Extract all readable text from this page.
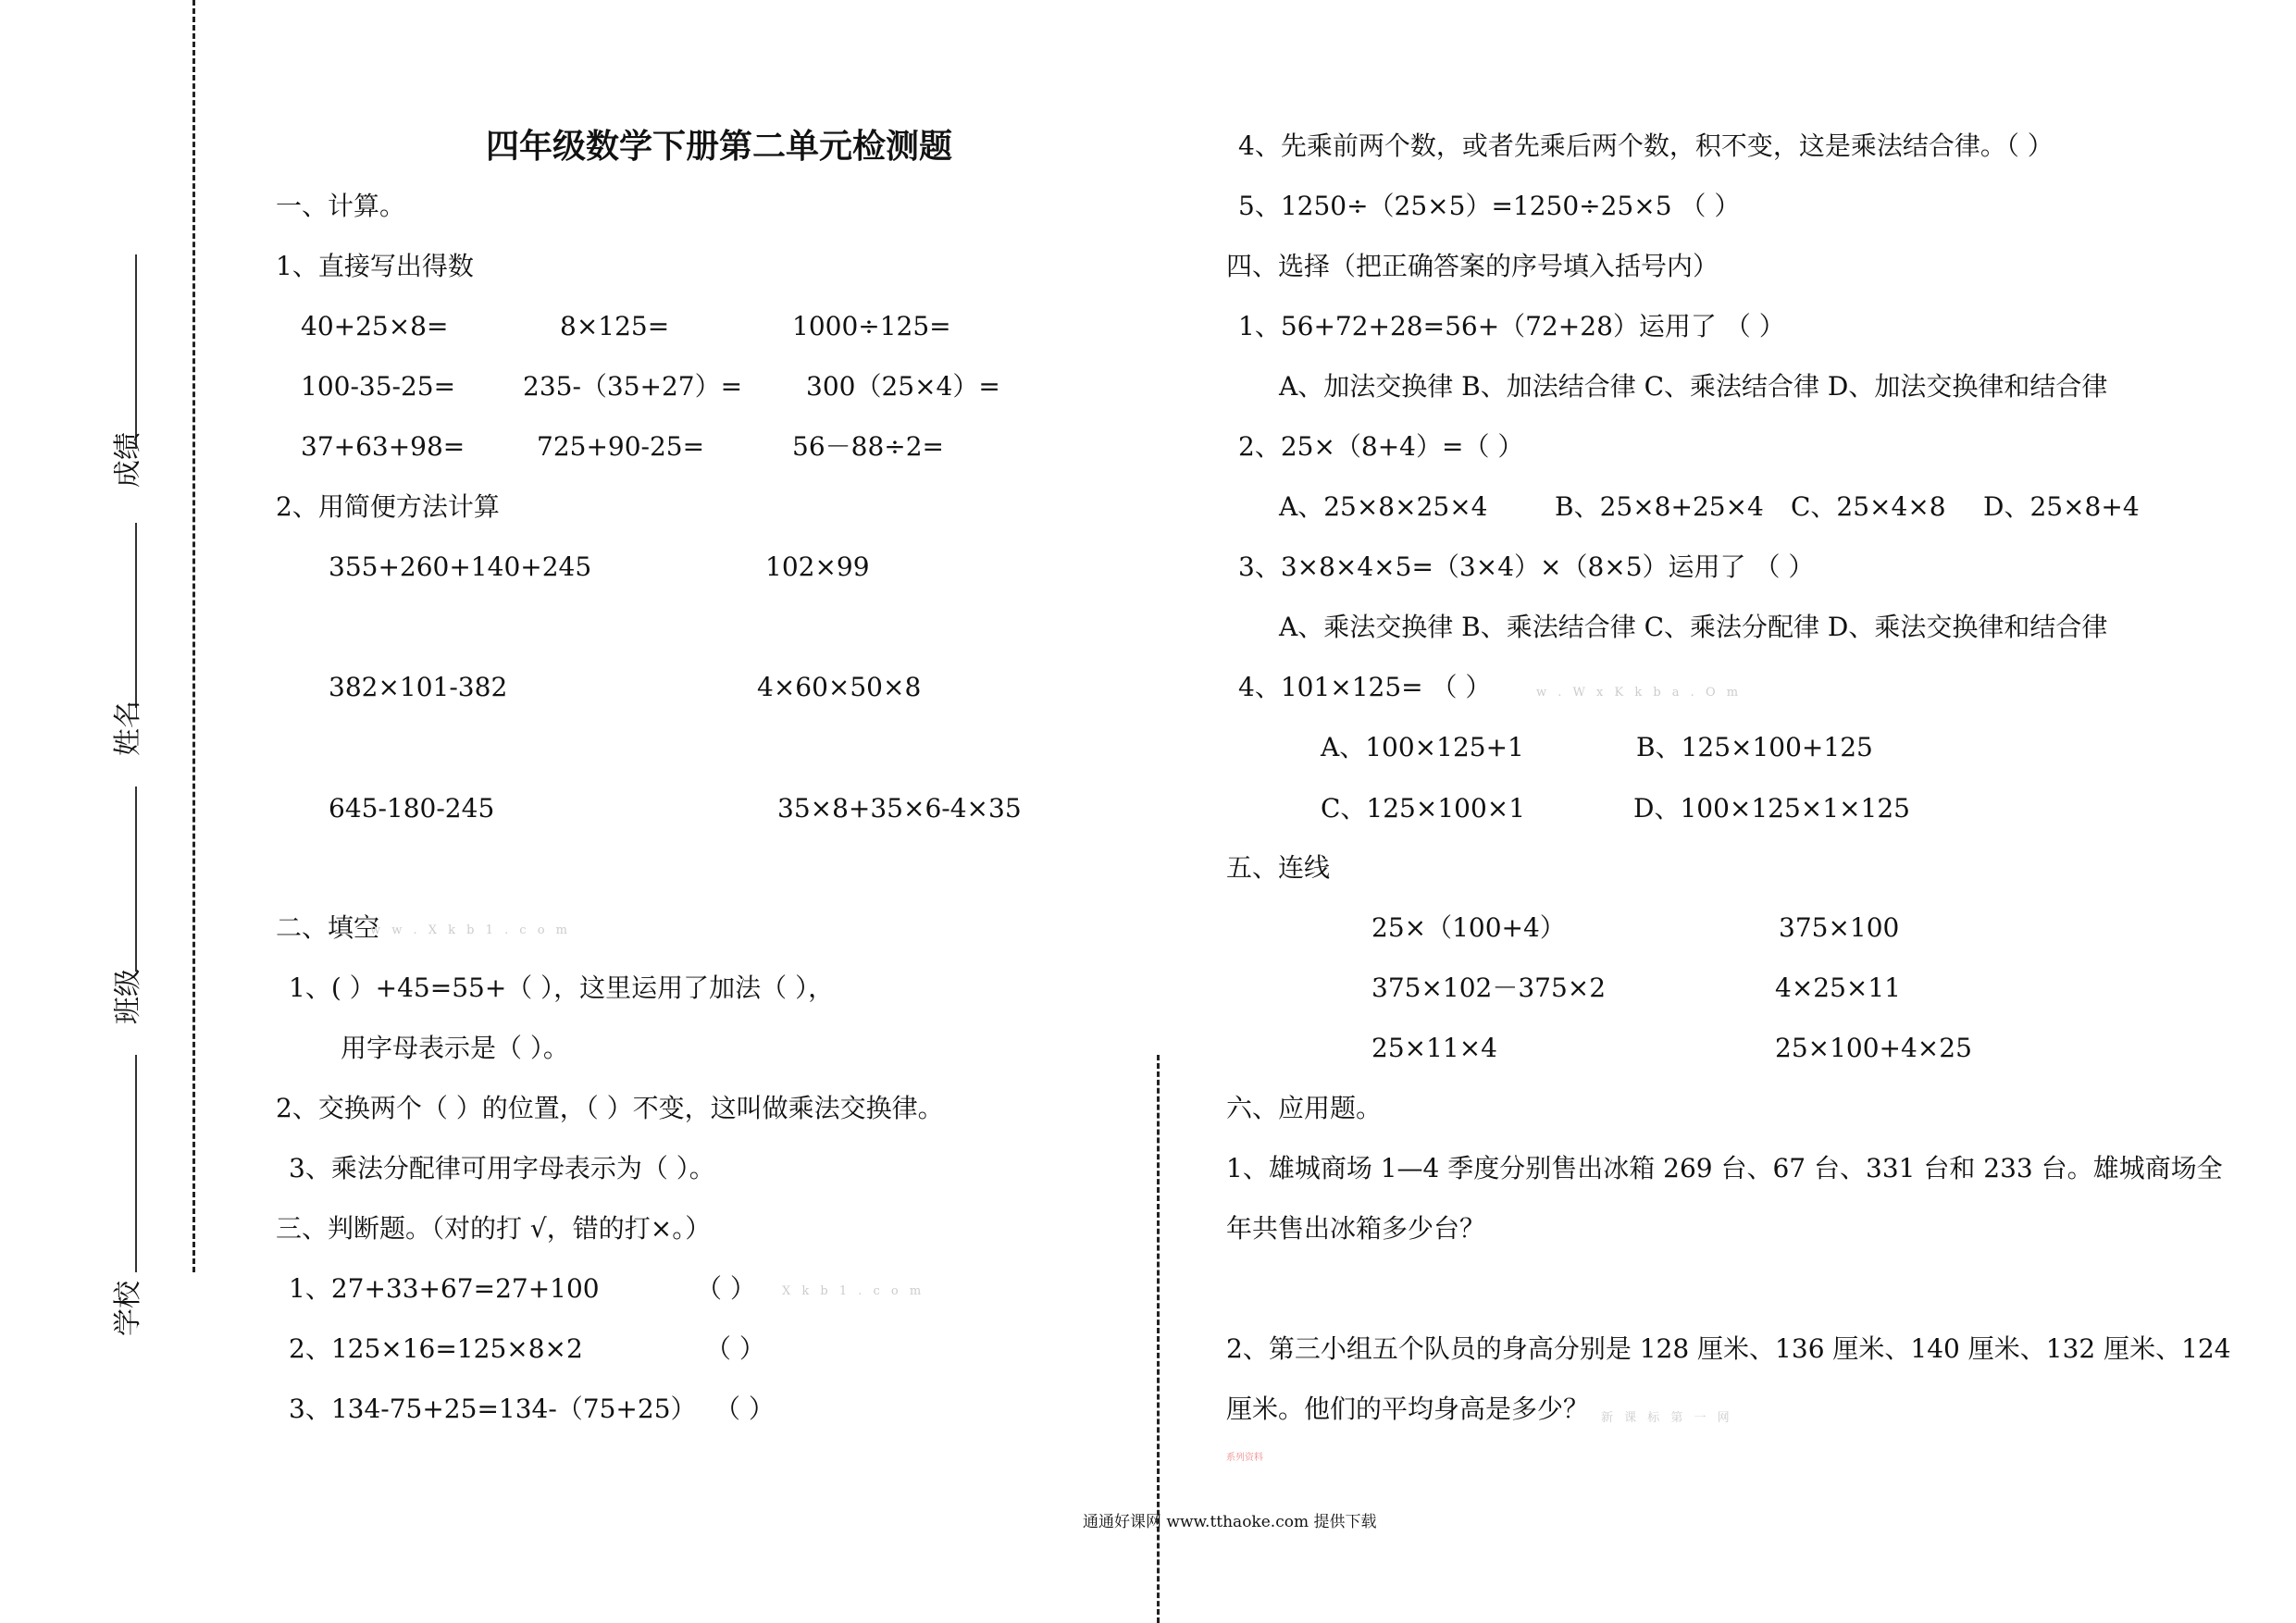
成绩
姓名
班级
学校
四年级数学下册第二单元检测题
一、计算。
1、直接写出得数
40+25×8=	8×125=	1000÷125=
100-35-25=	235-（35+27）= 300（25×4）=
37+63+98=	725+90-25=	56－88÷2=
2、用简便方法计算
355+260+140+245	102×99
382×101-382	4×60×50×8
645-180-245	35×8+35×6-4×35
二、填空
w w . X k b 1 . c o m
1、( ）+45=55+（ ），这里运用了加法（ ），
用字母表示是（ ）。
2、交换两个（ ）的位置，（ ）不变，这叫做乘法交换律。
3、乘法分配律可用字母表示为（ ）。
三、判断题。（对的打 √，错的打×。）
1、27+33+67=27+100	（ ） X k b 1 . c o m
2、125×16=125×8×2	（ ）
3、134-75+25=134-（75+25） （ ）
4、先乘前两个数，或者先乘后两个数，积不变，这是乘法结合律。（ ）
5、1250÷（25×5）=1250÷25×5 （ ）
四、选择（把正确答案的序号填入括号内）
1、56+72+28=56+（72+28）运用了 （ ）
A、加法交换律 B、加法结合律 C、乘法结合律 D、加法交换律和结合律
2、25×（8+4）=（ ）
A、25×8×25×4	B、25×8+25×4 C、25×4×8 D、25×8+4
3、3×8×4×5=（3×4）×（8×5）运用了 （ ）
A、乘法交换律 B、乘法结合律 C、乘法分配律 D、乘法交换律和结合律
4、101×125= （ ）	w . W x K k b a . O m
A、100×125+1	B、125×100+125
C、125×100×1	D、100×125×1×125
五、连线
25×（100+4）	375×100
375×102－375×2	4×25×11
25×11×4	25×100+4×25
六、应用题。
1、雄城商场 1—4 季度分别售出冰箱 269 台、67 台、331 台和 233 台。雄城商场全
年共售出冰箱多少台？
2、第三小组五个队员的身高分别是 128 厘米、136 厘米、140 厘米、132 厘米、124
厘米。他们的平均身高是多少？ 新 课 标 第 一 网
系列资料
通通好课网 www.tthaoke.com 提供下载
